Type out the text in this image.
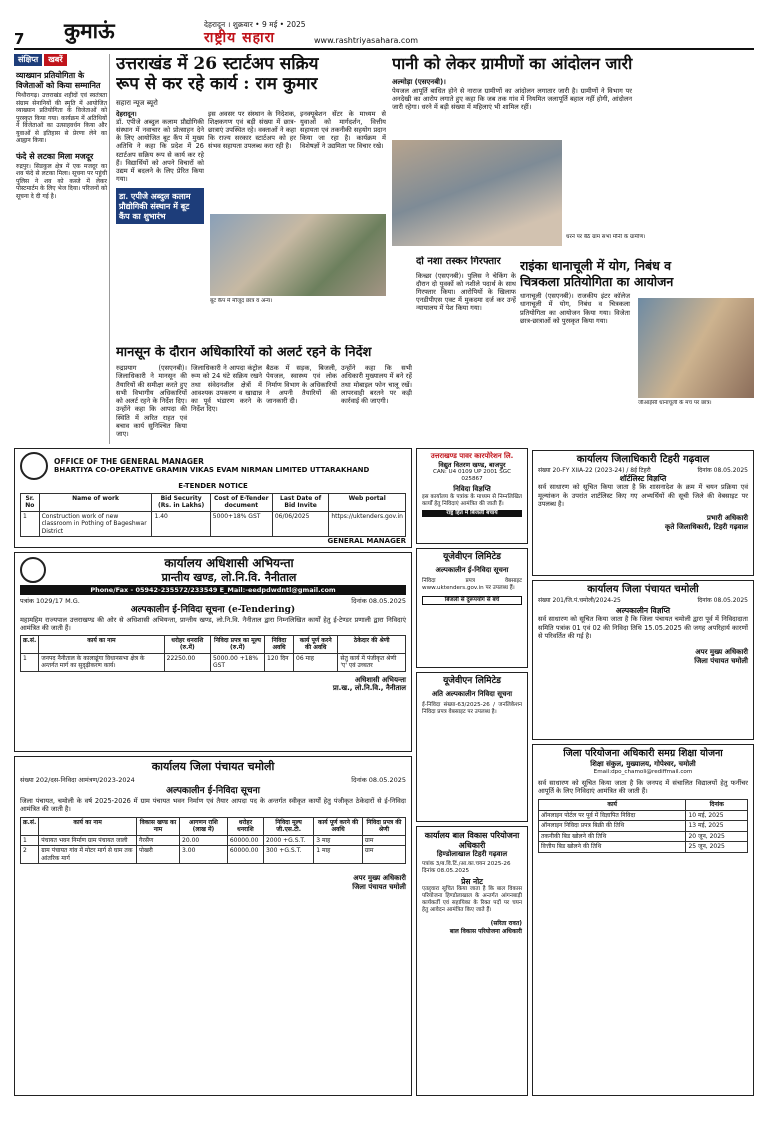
7 कुमाऊं	देहरादून । शुक्रवार • 9 मई • 2025
राष्ट्रीय सहारा	www.rashtriyasahara.com
संक्षिप्त	खबरें
व्याख्यान प्रतियोगिता के विजेताओं को किया सम्मानित
पिथौरागढ़। उत्तराखंड शहीदों एवं स्वतंत्रता संग्राम सेनानियों की स्मृति में आयोजित व्याख्यान प्रतियोगिता के विजेताओं को पुरस्कृत किया गया। कार्यक्रम में अतिथियों ने विजेताओं का उत्साहवर्धन किया और युवाओं से इतिहास से प्रेरणा लेने का आह्वान किया।
फंदे से लटका मिला मजदूर
रुद्रपुर। सिडकुल क्षेत्र में एक मजदूर का शव फंदे से लटका मिला। सूचना पर पहुंची पुलिस ने शव को कब्जे में लेकर पोस्टमार्टम के लिए भेज दिया। परिजनों को सूचना दे दी गई है।
उत्तराखंड में 26 स्टार्टअप सक्रिय
रूप से कर रहे कार्य : राम कुमार
सहारा न्यूज ब्यूरो
देहरादून।
डॉ. एपीजे अब्दुल कलाम प्रौद्योगिकी संस्थान में नवाचार को प्रोत्साहन देने के लिए आयोजित बूट कैंप में मुख्य अतिथि ने कहा कि प्रदेश में 26 स्टार्टअप सक्रिय रूप से कार्य कर रहे हैं। विद्यार्थियों को अपने विचारों को उद्यम में बदलने के लिए प्रेरित किया गया।
डा. एपीजे अब्दुल कलाम प्रौद्योगिकी संस्थान में बूट कैंप का शुभारंभ
इस अवसर पर संस्थान के निदेशक, शिक्षकगण एवं बड़ी संख्या में छात्र-छात्राएं उपस्थित रहे। वक्ताओं ने कहा कि राज्य सरकार स्टार्टअप को हर संभव सहायता उपलब्ध करा रही है।
इनक्यूबेशन सेंटर के माध्यम से युवाओं को मार्गदर्शन, वित्तीय सहायता एवं तकनीकी सहयोग प्रदान किया जा रहा है। कार्यक्रम में विशेषज्ञों ने उद्यमिता पर विचार रखे।
बूट कैंप में मौजूद छात्र व अन्य।
पानी को लेकर ग्रामीणों का आंदोलन जारी
अल्मोड़ा (एसएनबी)।
पेयजल आपूर्ति बाधित होने से नाराज ग्रामीणों का आंदोलन लगातार जारी है। ग्रामीणों ने विभाग पर अनदेखी का आरोप लगाते हुए कहा कि जब तक गांव में नियमित जलापूर्ति बहाल नहीं होगी, आंदोलन जारी रहेगा। धरने में बड़ी संख्या में महिलाएं भी शामिल रहीं।
धरने पर बैठे ग्राम सभा मौनी के ग्रामीण।
दो नशा तस्कर गिरफ्तार
किच्छा (एसएनबी)। पुलिस ने चेकिंग के दौरान दो युवकों को नशीले पदार्थ के साथ गिरफ्तार किया। आरोपियों के खिलाफ एनडीपीएस एक्ट में मुकदमा दर्ज कर उन्हें न्यायालय में पेश किया गया।
मानसून के दौरान अधिकारियों को अलर्ट रहने के निर्देश
रुद्रप्रयाग (एसएनबी)। जिलाधिकारी ने मानसून की तैयारियों की समीक्षा करते हुए सभी विभागीय अधिकारियों को अलर्ट रहने के निर्देश दिए। उन्होंने कहा कि आपदा की स्थिति में त्वरित राहत एवं बचाव कार्य सुनिश्चित किया जाए।
जिलाधिकारी ने आपदा कंट्रोल रूम को 24 घंटे सक्रिय रखने तथा संवेदनशील क्षेत्रों में आवश्यक उपकरण व खाद्यान्न का पूर्व भंडारण करने के निर्देश दिए।
बैठक में सड़क, बिजली, पेयजल, स्वास्थ्य एवं लोक निर्माण विभाग के अधिकारियों ने अपनी तैयारियों की जानकारी दी।
उन्होंने कहा कि सभी अधिकारी मुख्यालय में बने रहें तथा मोबाइल फोन चालू रखें। लापरवाही बरतने पर कड़ी कार्रवाई की जाएगी।
राइंका धानाचूली में योग, निबंध व
चित्रकला प्रतियोगिता का आयोजन
धानाचूली (एसएनबी)। राजकीय इंटर कॉलेज धानाचूली में योग, निबंध व चित्रकला प्रतियोगिता का आयोजन किया गया। विजेता छात्र-छात्राओं को पुरस्कृत किया गया।
जीआईसी धानाचूली के मंच पर छात्र।
OFFICE OF THE GENERAL MANAGER
BHARTIYA CO-OPERATIVE GRAMIN VIKAS EVAM NIRMAN LIMITED UTTARAKHAND
E-TENDER NOTICE
Sr. No	Name of work	Bid Security (Rs. in Lakhs)	Cost of E-Tender document	Last Date of Bid Invite	Web portal
1	Construction work of new classroom in Pothing of Bageshwar District	1.40	5000+18% GST	06/06/2025	https://uktenders.gov.in
GENERAL MANAGER
कार्यालय अधिशासी अभियन्ता
प्रान्तीय खण्ड, लो.नि.वि. नैनीताल
Phone/Fax - 05942-235572/233549 E_Mail:-eedpdwdntl@gmail.com
पत्रांक 1029/17 M.G.	दिनांक 08.05.2025
अल्पकालीन ई-निविदा सूचना (e-Tendering)
महामहिम राज्यपाल उत्तराखण्ड की ओर से अधिशासी अभियन्ता, प्रान्तीय खण्ड, लो.नि.वि. नैनीताल द्वारा निम्नलिखित कार्यों हेतु ई-टेण्डर प्रणाली द्वारा निविदाएं आमंत्रित की जाती हैं।
क्र.सं.	कार्य का नाम	धरोहर धनराशि (रु.में)	निविदा प्रपत्र का मूल्य (रु.में)	निविदा अवधि	कार्य पूर्ण करने की अवधि	ठेकेदार की श्रेणी
1	जनपद नैनीताल के कालाढूंगा विधानसभा क्षेत्र के अन्तर्गत मार्ग का सुदृढ़ीकरण कार्य।	22250.00	5000.00 +18% GST	120 दिन	06 माह	सेतु कार्य में पंजीकृत श्रेणी 'ए' एवं उच्चतर
अधिशासी अभियन्ता
प्रा.ख., लो.नि.वि., नैनीताल
उत्तराखण्ड पावर कारपोरेशन लि.
विद्युत वितरण खण्ड, बाजपुर
CAN: U4 0109 UP 2001 SGC 025867
निविदा विज्ञप्ति
इस कार्यालय के पत्रांक के माध्यम से निम्नलिखित कार्यों हेतु निविदाएं आमंत्रित की जाती हैं।
राष्ट्र हित में बिजली बचायें
यूजेवीएन लिमिटेड
अल्पकालीन ई-निविदा सूचना
निविदा प्रपत्र वेबसाइट www.uktenders.gov.in पर उपलब्ध हैं।
बिजली से दुरूपयोग से बचें
कार्यालय जिलाधिकारी टिहरी गढ़वाल
संख्या 20-FY XIIA-22 (2023-24) / 8ई टिहरी	दिनांक 08.05.2025
शॉर्टलिस्ट विज्ञप्ति
सर्व साधारण को सूचित किया जाता है कि शासनादेश के क्रम में चयन प्रक्रिया एवं मूल्यांकन के उपरांत शार्टलिस्ट किए गए अभ्यर्थियों की सूची जिले की वेबसाइट पर उपलब्ध है।
प्रभारी अधिकारी
कृते जिलाधिकारी, टिहरी गढ़वाल
कार्यालय जिला पंचायत चमोली
संख्या 201/जि.पं.चमोली/2024-25	दिनांक 08.05.2025
अल्पकालीन विज्ञप्ति
सर्व साधारण को सूचित किया जाता है कि जिला पंचायत चमोली द्वारा पूर्व में निविदादाता समिति पत्रांक 01 एवं 02 की निविदा तिथि 15.05.2025 की जगह अपरिहार्य कारणों से परिवर्तित की गई है।
अपर मुख्य अधिकारी
जिला पंचायत चमोली
यूजेवीएन लिमिटेड
अति अल्पकालीन निविदा सूचना
ई-निविदा संख्या-63/2025-26 / जनलिकेशन निविदा प्रपत्र वेबसाइट पर उपलब्ध है।
कार्यालय जिला पंचायत चमोली
संख्या 202/दस-निविदा आमंत्रण/2023-2024	दिनांक 08.05.2025
अल्पकालीन ई-निविदा सूचना
जिला पंचायत, चमोली के वर्ष 2025-2026 में ग्राम पंचायत भवन निर्माण एवं तैयार आपदा पद के अन्तर्गत स्वीकृत कार्यों हेतु पंजीकृत ठेकेदारों से ई-निविदा आमंत्रित की जाती है।
क्र.सं.	कार्य का नाम	विकास खण्ड का नाम	आगणन राशि (लाख में)	धरोहर धनराशि	निविदा मूल्य जी.एस.टी.	कार्य पूर्ण करने की अवधि	निविदा प्रपत्र की श्रेणी
1	पंचायत भवन निर्माण ग्राम पंचायत जाली	गैरसैंण	20.00	60000.00	2000 +G.S.T.	3 माह	ग्राम
2	ग्राम पंचायत गांव में मोटर मार्ग से घाम तक आंतरिक मार्ग	पोखरी	3.00	60000.00	300 +G.S.T.	1 माह	ग्राम
अपर मुख्य अधिकारी
जिला पंचायत चमोली
जिला परियोजना अधिकारी समग्र शिक्षा योजना
शिक्षा संकुल, मुख्यालय, गोपेश्वर, चमोली
Email:dpo_chamoli@rediffmail.com
सर्व साधारण को सूचित किया जाता है कि जनपद में संचालित विद्यालयों हेतु फर्नीचर आपूर्ति के लिए निविदाएं आमंत्रित की जाती हैं।
कार्य	दिनांक
ऑनलाइन पोर्टल पर पूर्व में विज्ञापित निविदा	10 मई, 2025
ऑनलाइन निविदा प्रपत्र बिक्री की तिथि	13 मई, 2025
तकनीकी बिड खोलने की तिथि	20 जून, 2025
वित्तीय बिड खोलने की तिथि	25 जून, 2025
कार्यालय बाल विकास परियोजना अधिकारी
हिण्डोलाखाल टिहरी गढ़वाल
पत्रांक 3/ब.वि.टिं./आ.का.चयन 2025-26
दिनांक 08.05.2025
प्रेस नोट
एतद्द्वारा सूचित किया जाता है कि बाल विकास परियोजना हिण्डोलाखाल के अन्तर्गत आंगनबाड़ी कार्यकर्ती एवं सहायिका के रिक्त पदों पर चयन हेतु आवेदन आमंत्रित किए जाते हैं।
(सरिता रावत)
बाल विकास परियोजना अधिकारी
